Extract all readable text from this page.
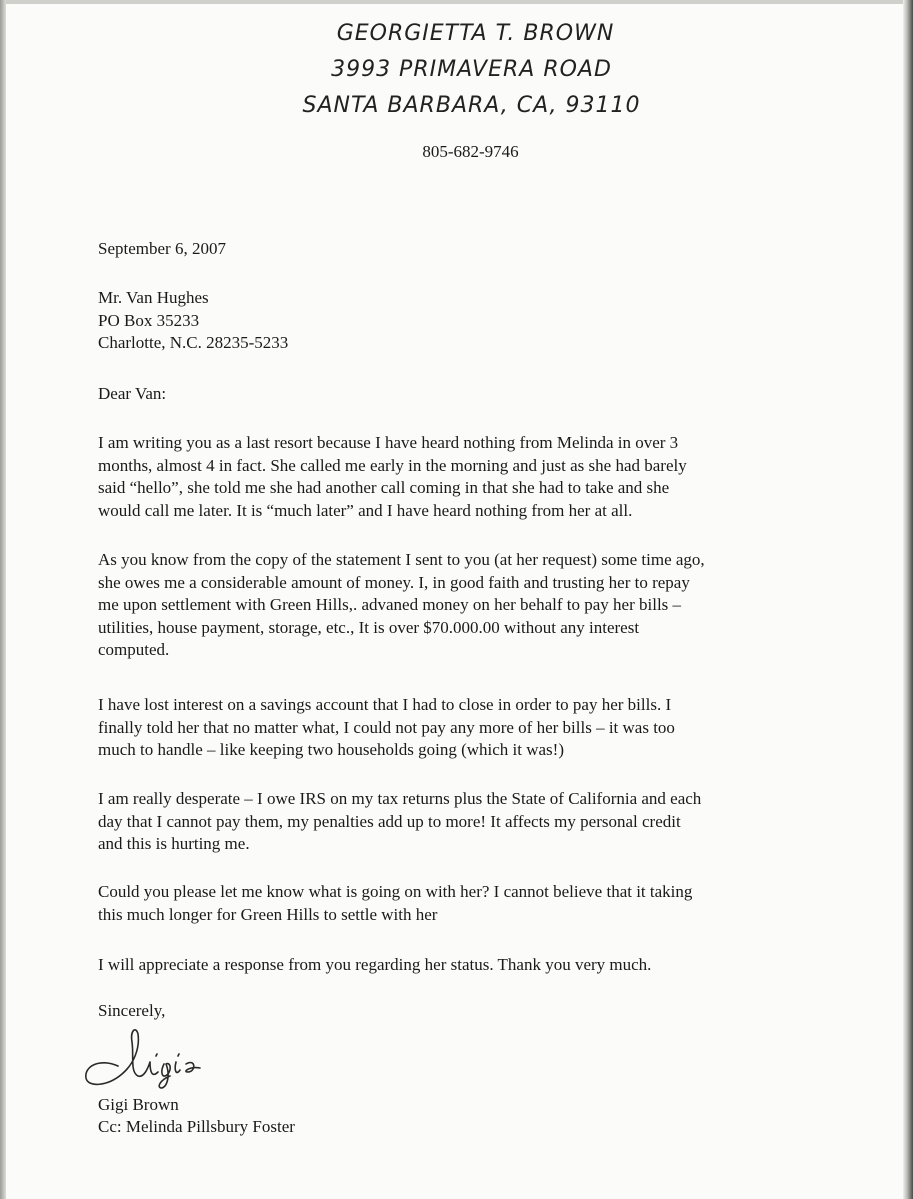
GEORGIETTA T. BROWN
3993 PRIMAVERA ROAD
SANTA BARBARA, CA, 93110
805-682-9746
September 6, 2007
Mr. Van Hughes
PO Box 35233
Charlotte, N.C. 28235-5233
Dear Van:
I am writing you as a last resort because I have heard nothing from Melinda in over 3
months, almost 4 in fact. She called me early in the morning and just as she had barely
said “hello”, she told me she had another call coming in that she had to take and she
would call me later. It is “much later” and I have heard nothing from her at all.
As you know from the copy of the statement I sent to you (at her request) some time ago,
she owes me a considerable amount of money. I, in good faith and trusting her to repay
me upon settlement with Green Hills,. advaned money on her behalf to pay her bills –
utilities, house payment, storage, etc., It is over $70.000.00 without any interest
computed.
I have lost interest on a savings account that I had to close in order to pay her bills. I
finally told her that no matter what, I could not pay any more of her bills – it was too
much to handle – like keeping two households going (which it was!)
I am really desperate – I owe IRS on my tax returns plus the State of California and each
day that I cannot pay them, my penalties add up to more! It affects my personal credit
and this is hurting me.
Could you please let me know what is going on with her? I cannot believe that it taking
this much longer for Green Hills to settle with her
I will appreciate a response from you regarding her status. Thank you very much.
Sincerely,
Gigi Brown
Cc: Melinda Pillsbury Foster
